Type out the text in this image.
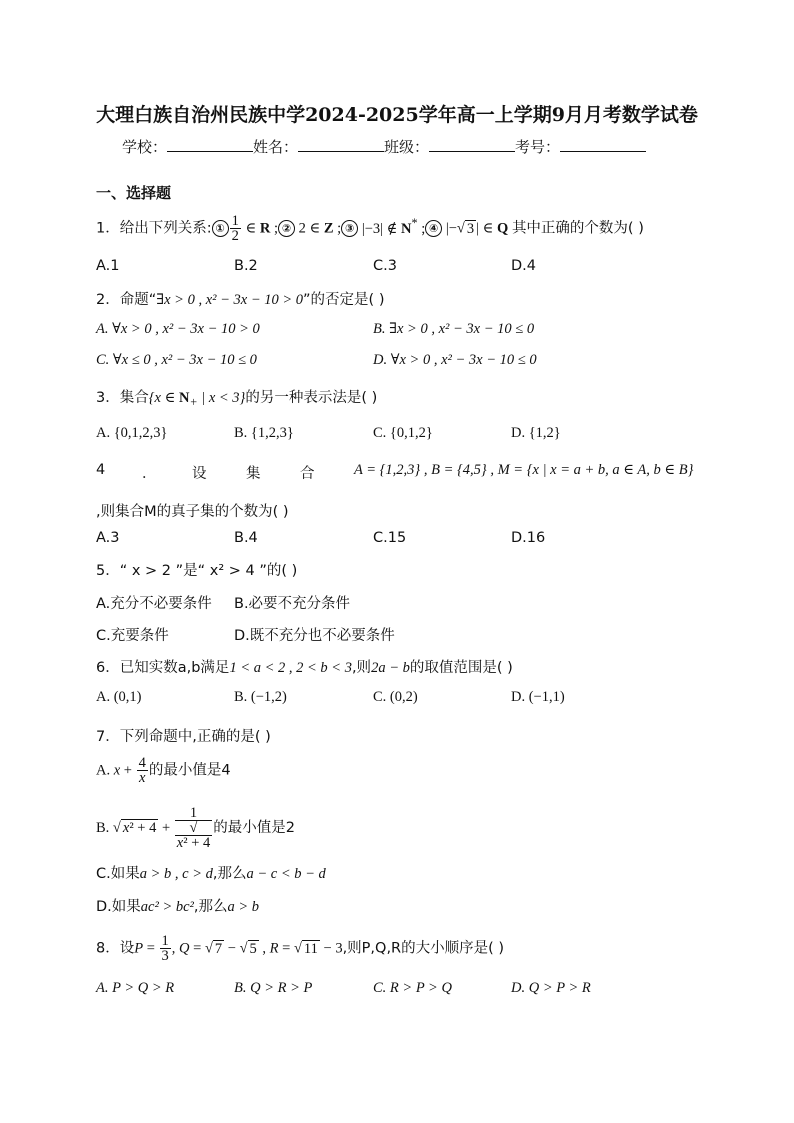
大理白族自治州民族中学2024-2025学年高一上学期9月月考数学试卷
学校：	姓名：	班级：	考号：
一、选择题
1．给出下列关系: ① $\frac{1}{2}$ ∈ R ; ② 2 ∈ Z ; ③ |−3| ∉ N* ; ④ |−√ 3 | ∈ Q 其中正确的个数为( )
A.1	B.2	C.3	D.4
2．命题“∃x > 0 , x² − 3x − 10 > 0”的否定是( )
A. ∀x > 0 , x² − 3x − 10 > 0	B. ∃x > 0 , x² − 3x − 10 ≤ 0
C. ∀x ≤ 0 , x² − 3x − 10 ≤ 0	D. ∀x > 0 , x² − 3x − 10 ≤ 0
3．集合{x ∈ $N_+$ | x < 3}的另一种表示法是( )
A. {0,1,2,3}	B. {1,2,3}	C. {0,1,2}	D. {1,2}
4	． 设	集	合	A = {1,2,3} , B = {4,5} , M = {x | x = a + b, a ∈ A, b ∈ B}
,则集合M的真子集的个数为( )
A.3	B.4	C.15	D.16
5．“ x > 2 ”是“ x² > 4 ”的( )
A.充分不必要条件 B.必要不充分条件
C.充要条件	D.既不充分也不必要条件
6．已知实数a,b满足1 < a < 2 , 2 < b < 3,则2a − b的取值范围是( )
A. (0,1)	B. (−1,2)	C. (0,2)	D. (−1,1)
7．下列命题中,正确的是( )
A. $x + \frac{4}{x}$ 的最小值是4
B. √ x² + 4 + 1
√
x² + 4 的最小值是2
C.如果a > b , c > d,那么a − c < b − d
D.如果ac² > bc²,那么a > b
8．设$P = \frac{1}{3}$ , Q = √ 7 − √ 5 , R = √ 11 − 3,则P,Q,R的大小顺序是( )
A. P > Q > R	B. Q > R > P	C. R > P > Q	D. Q > P > R
